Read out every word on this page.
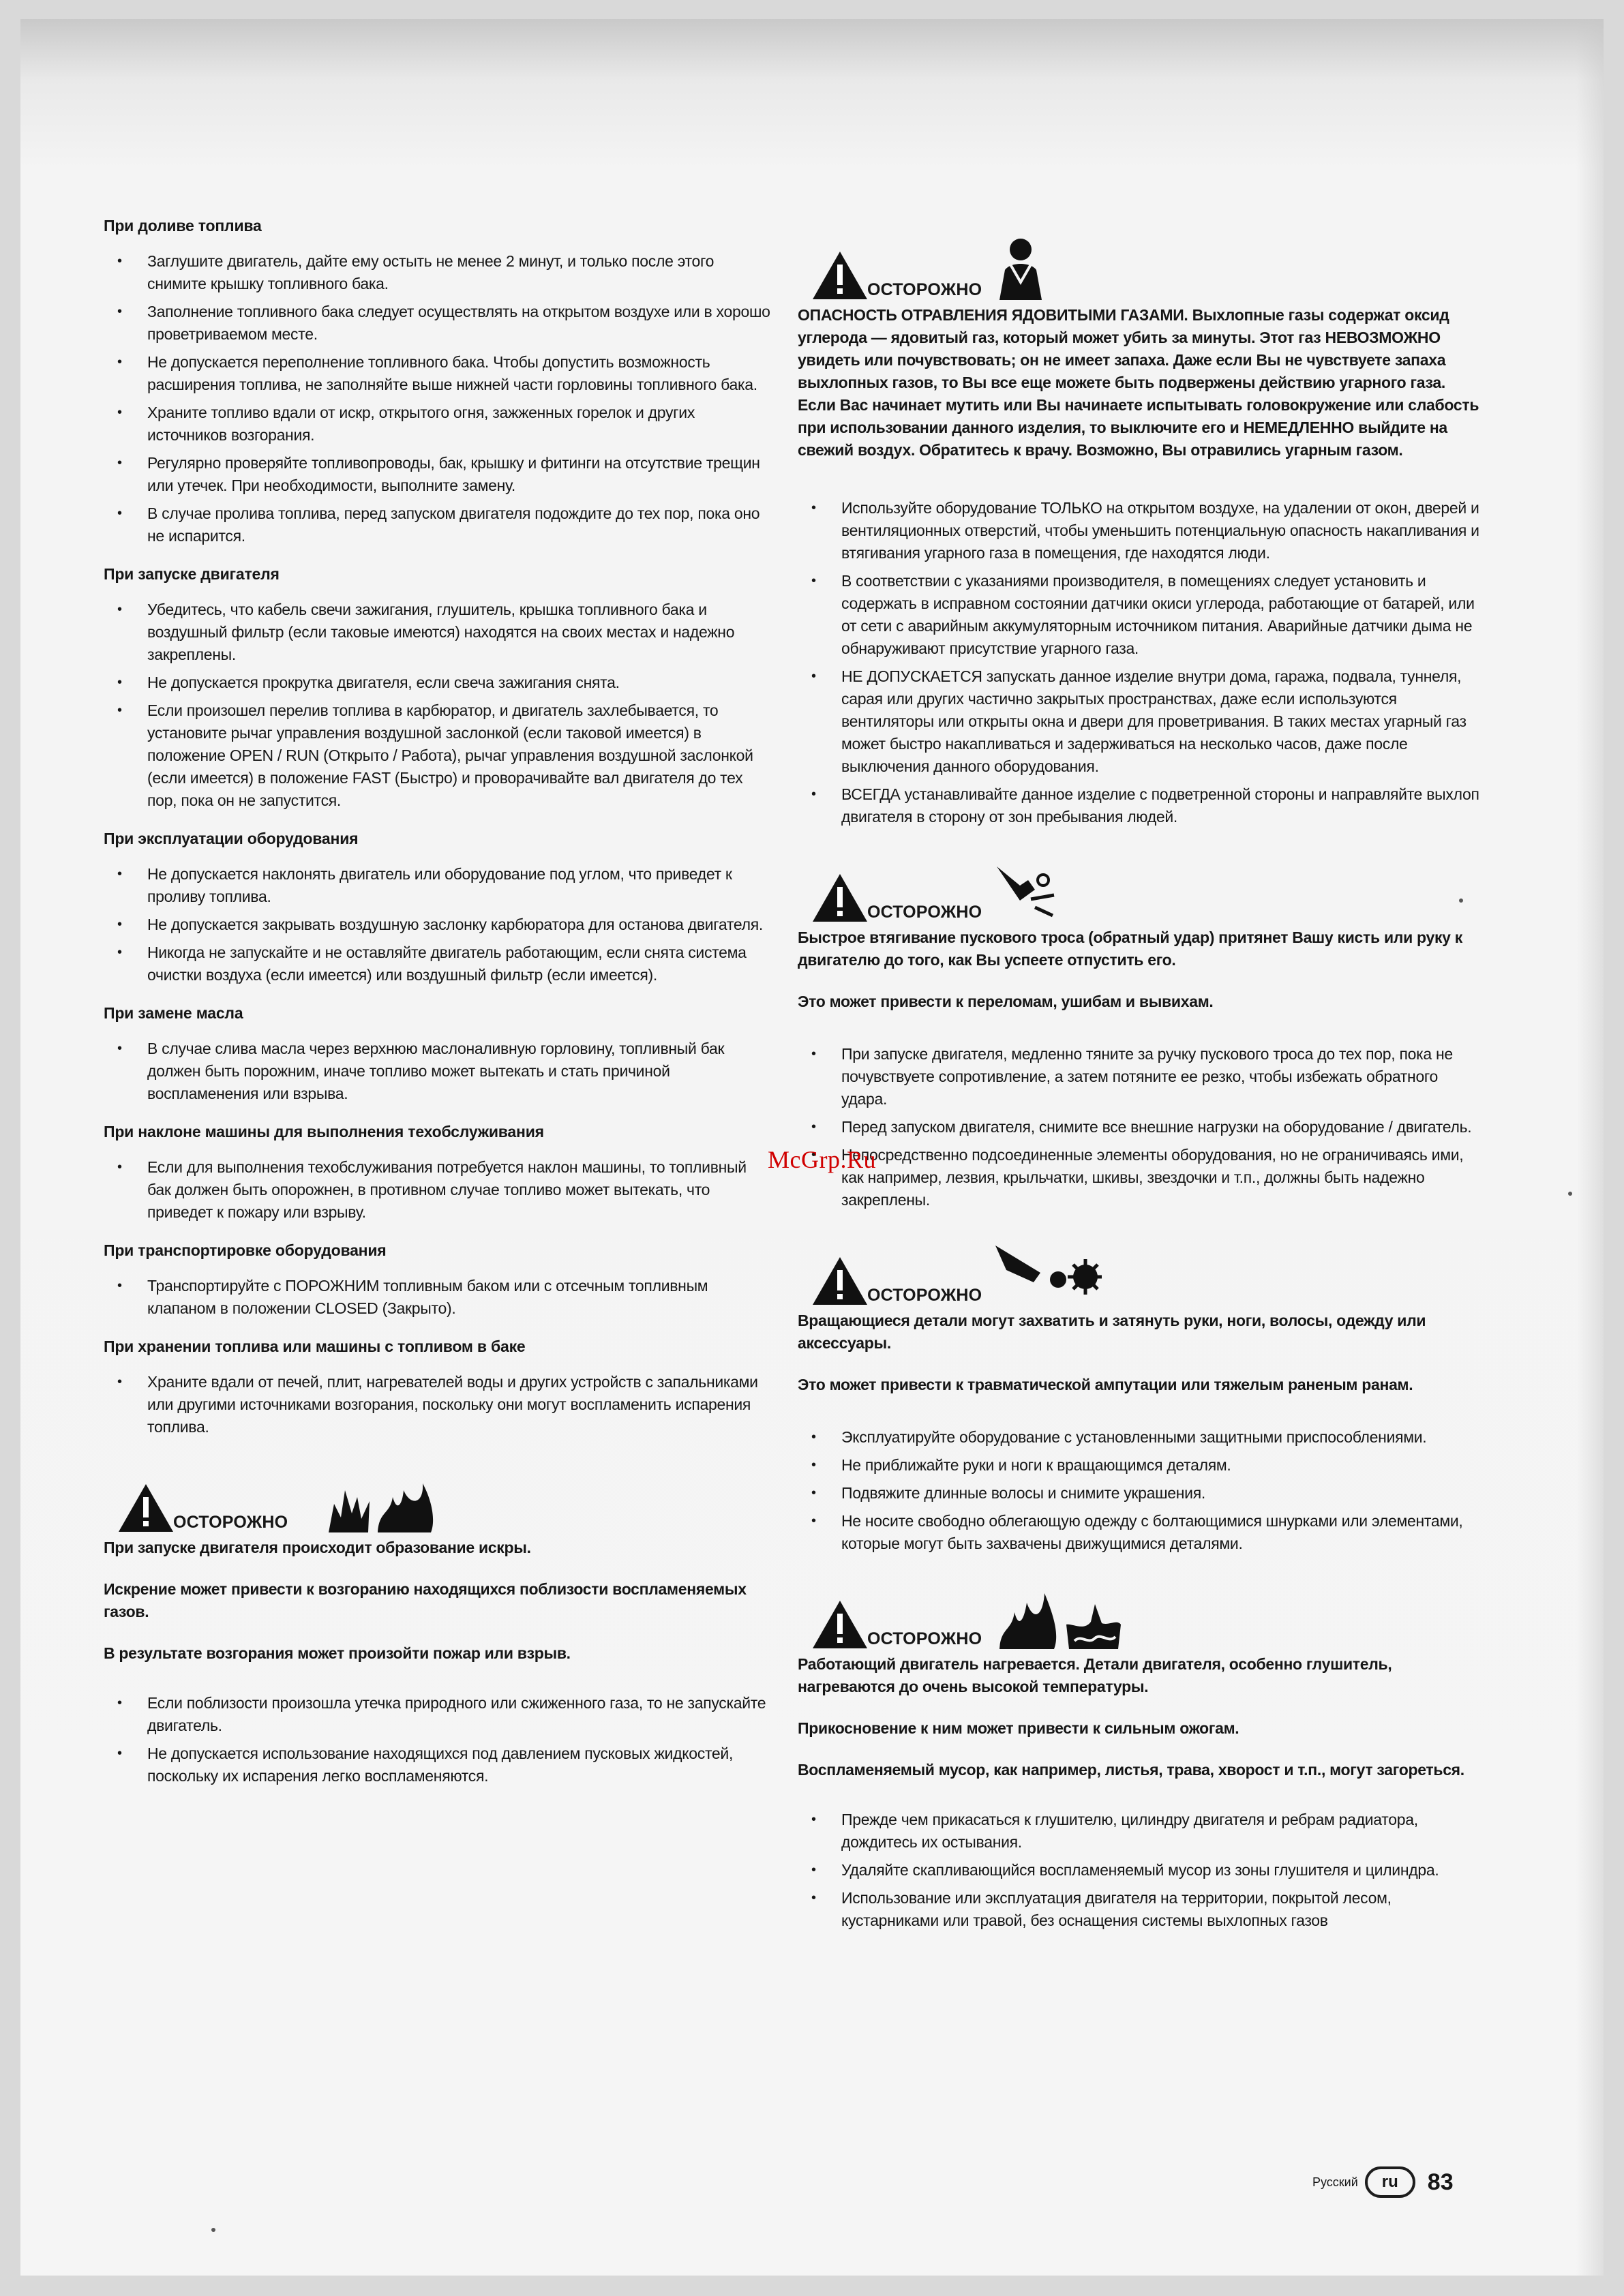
При доливе топлива
• Заглушите двигатель, дайте ему остыть не менее 2 минут, и только после этого снимите крышку топливного бака.
• Заполнение топливного бака следует осуществлять на открытом воздухе или в хорошо проветриваемом месте.
• Не допускается переполнение топливного бака. Чтобы допустить возможность расширения топлива, не заполняйте выше нижней части горловины топливного бака.
• Храните топливо вдали от искр, открытого огня, зажженных горелок и других источников возгорания.
• Регулярно проверяйте топливопроводы, бак, крышку и фитинги на отсутствие трещин или утечек. При необходимости, выполните замену.
• В случае пролива топлива, перед запуском двигателя подождите до тех пор, пока оно не испарится.
При запуске двигателя
• Убедитесь, что кабель свечи зажигания, глушитель, крышка топливного бака и воздушный фильтр (если таковые имеются) находятся на своих местах и надежно закреплены.
• Не допускается прокрутка двигателя, если свеча зажигания снята.
• Если произошел перелив топлива в карбюратор, и двигатель захлебывается, то установите рычаг управления воздушной заслонкой (если таковой имеется) в положение OPEN / RUN (Открыто / Работа), рычаг управления воздушной заслонкой (если имеется) в положение FAST (Быстро) и проворачивайте вал двигателя до тех пор, пока он не запустится.
При эксплуатации оборудования
• Не допускается наклонять двигатель или оборудование под углом, что приведет к проливу топлива.
• Не допускается закрывать воздушную заслонку карбюратора для останова двигателя.
• Никогда не запускайте и не оставляйте двигатель работающим, если снята система очистки воздуха (если имеется) или воздушный фильтр (если имеется).
При замене масла
• В случае слива масла через верхнюю маслоналивную горловину, топливный бак должен быть порожним, иначе топливо может вытекать и стать причиной воспламенения или взрыва.
При наклоне машины для выполнения техобслуживания
• Если для выполнения техобслуживания потребуется наклон машины, то топливный бак должен быть опорожнен, в противном случае топливо может вытекать, что приведет к пожару или взрыву.
При транспортировке оборудования
• Транспортируйте с ПОРОЖНИМ топливным баком или с отсечным топливным клапаном в положении CLOSED (Закрыто).
При хранении топлива или машины с топливом в баке
• Храните вдали от печей, плит, нагревателей воды и других устройств с запальниками или другими источниками возгорания, поскольку они могут воспламенить испарения топлива.
ОСТОРОЖНО

При запуске двигателя происходит образование искры.

Искрение может привести к возгоранию находящихся поблизости воспламеняемых газов.

В результате возгорания может произойти пожар или взрыв.

• Если поблизости произошла утечка природного или сжиженного газа, то не запускайте двигатель.
• Не допускается использование находящихся под давлением пусковых жидкостей, поскольку их испарения легко воспламеняются.
ОСТОРОЖНО

ОПАСНОСТЬ ОТРАВЛЕНИЯ ЯДОВИТЫМИ ГАЗАМИ. Выхлопные газы содержат оксид углерода — ядовитый газ, который может убить за минуты. Этот газ НЕВОЗМОЖНО увидеть или почувствовать; он не имеет запаха. Даже если Вы не чувствуете запаха выхлопных газов, то Вы все еще можете быть подвержены действию угарного газа. Если Вас начинает мутить или Вы начинаете испытывать головокружение или слабость при использовании данного изделия, то выключите его и НЕМЕДЛЕННО выйдите на свежий воздух. Обратитесь к врачу. Возможно, Вы отравились угарным газом.

• Используйте оборудование ТОЛЬКО на открытом воздухе, на удалении от окон, дверей и вентиляционных отверстий, чтобы уменьшить потенциальную опасность накапливания и втягивания угарного газа в помещения, где находятся люди.
• В соответствии с указаниями производителя, в помещениях следует установить и содержать в исправном состоянии датчики окиси углерода, работающие от батарей, или от сети с аварийным аккумуляторным источником питания. Аварийные датчики дыма не обнаруживают присутствие угарного газа.
• НЕ ДОПУСКАЕТСЯ запускать данное изделие внутри дома, гаража, подвала, туннеля, сарая или других частично закрытых пространствах, даже если используются вентиляторы или открыты окна и двери для проветривания. В таких местах угарный газ может быстро накапливаться и задерживаться на несколько часов, даже после выключения данного оборудования.
• ВСЕГДА устанавливайте данное изделие с подветренной стороны и направляйте выхлоп двигателя в сторону от зон пребывания людей.
ОСТОРОЖНО

Быстрое втягивание пускового троса (обратный удар) притянет Вашу кисть или руку к двигателю до того, как Вы успеете отпустить его.

Это может привести к переломам, ушибам и вывихам.

• При запуске двигателя, медленно тяните за ручку пускового троса до тех пор, пока не почувствуете сопротивление, а затем потяните ее резко, чтобы избежать обратного удара.
• Перед запуском двигателя, снимите все внешние нагрузки на оборудование / двигатель.
• Непосредственно подсоединенные элементы оборудования, но не ограничиваясь ими, как например, лезвия, крыльчатки, шкивы, звездочки и т.п., должны быть надежно закреплены.
ОСТОРОЖНО

Вращающиеся детали могут захватить и затянуть руки, ноги, волосы, одежду или аксессуары.

Это может привести к травматической ампутации или тяжелым раненым ранам.

• Эксплуатируйте оборудование с установленными защитными приспособлениями.
• Не приближайте руки и ноги к вращающимся деталям.
• Подвяжите длинные волосы и снимите украшения.
• Не носите свободно облегающую одежду с болтающимися шнурками или элементами, которые могут быть захвачены движущимися деталями.
ОСТОРОЖНО

Работающий двигатель нагревается. Детали двигателя, особенно глушитель, нагреваются до очень высокой температуры.

Прикосновение к ним может привести к сильным ожогам.

Воспламеняемый мусор, как например, листья, трава, хворост и т.п., могут загореться.

• Прежде чем прикасаться к глушителю, цилиндру двигателя и ребрам радиатора, дождитесь их остывания.
• Удаляйте скапливающийся воспламеняемый мусор из зоны глушителя и цилиндра.
• Использование или эксплуатация двигателя на территории, покрытой лесом, кустарниками или травой, без оснащения системы выхлопных газов
McGrp.Ru
Русский	ru	83
